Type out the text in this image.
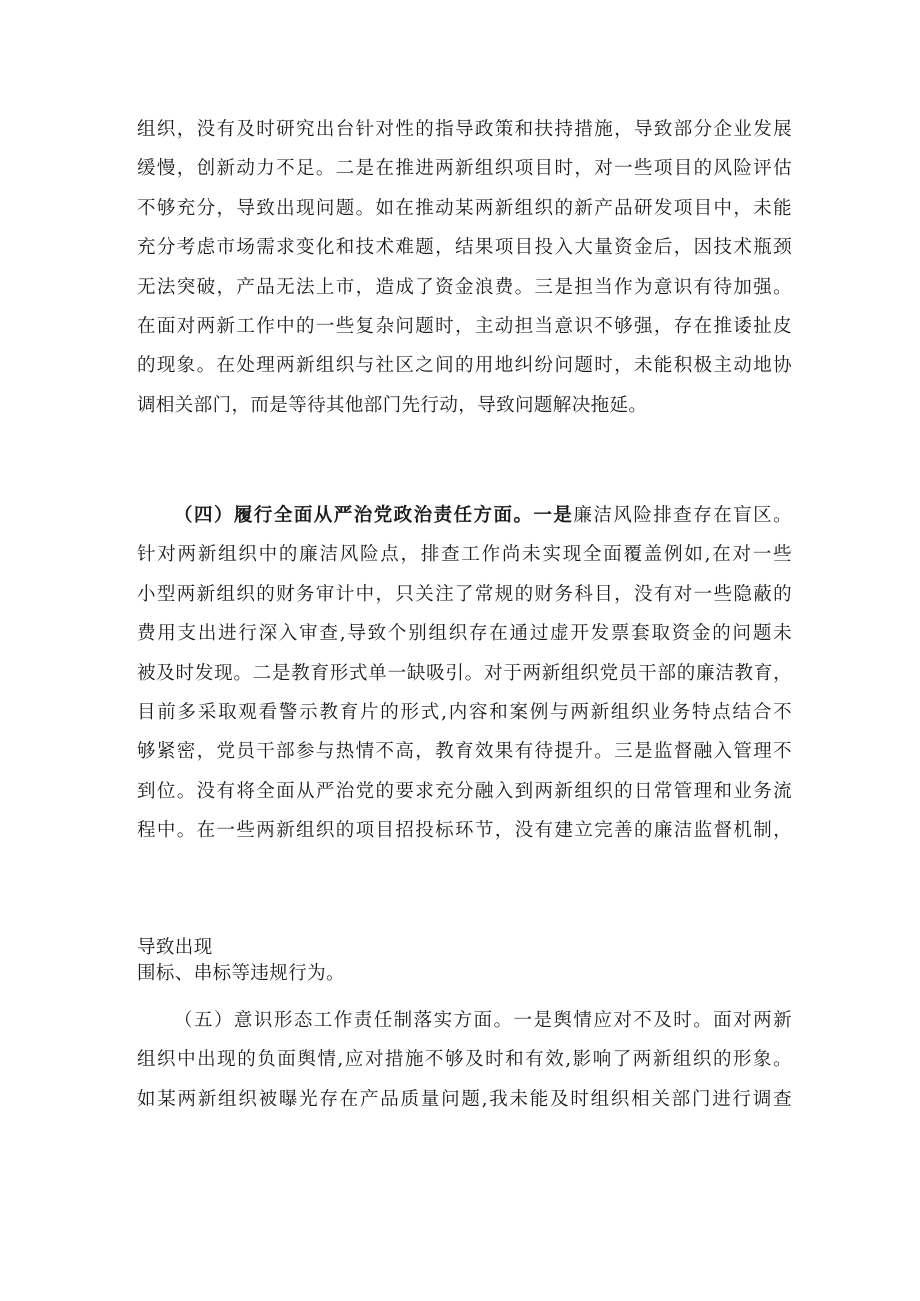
组织，没有及时研究出台针对性的指导政策和扶持措施，导致部分企业发展
缓慢，创新动力不足。二是在推进两新组织项目时，对一些项目的风险评估
不够充分，导致出现问题。如在推动某两新组织的新产品研发项目中，未能
充分考虑市场需求变化和技术难题，结果项目投入大量资金后，因技术瓶颈
无法突破，产品无法上市，造成了资金浪费。三是担当作为意识有待加强。
在面对两新工作中的一些复杂问题时，主动担当意识不够强，存在推诿扯皮
的现象。在处理两新组织与社区之间的用地纠纷问题时，未能积极主动地协
调相关部门，而是等待其他部门先行动，导致问题解决拖延。
（四）履行全面从严治党政治责任方面。一是廉洁风险排查存在盲区。
针对两新组织中的廉洁风险点，排查工作尚未实现全面覆盖例如,在对一些
小型两新组织的财务审计中，只关注了常规的财务科目，没有对一些隐蔽的
费用支出进行深入审查,导致个别组织存在通过虚开发票套取资金的问题未
被及时发现。二是教育形式单一缺吸引。对于两新组织党员干部的廉洁教育，
目前多采取观看警示教育片的形式,内容和案例与两新组织业务特点结合不
够紧密，党员干部参与热情不高，教育效果有待提升。三是监督融入管理不
到位。没有将全面从严治党的要求充分融入到两新组织的日常管理和业务流
程中。在一些两新组织的项目招投标环节，没有建立完善的廉洁监督机制，
导致出现
围标、串标等违规行为。
（五）意识形态工作责任制落实方面。一是舆情应对不及时。面对两新
组织中出现的负面舆情,应对措施不够及时和有效,影响了两新组织的形象。
如某两新组织被曝光存在产品质量问题,我未能及时组织相关部门进行调查
